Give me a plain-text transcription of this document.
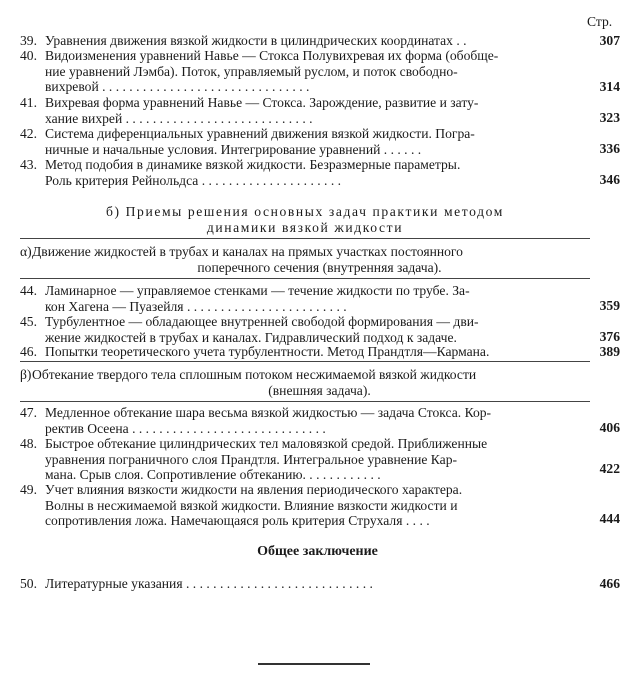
Стр.
39. Уравнения движения вязкой жидкости в цилиндрических координатах . .	307
40. Видоизменения уравнений Навье — Стокса Полувихревая их форма (обобще-
ние уравнений Лэмба). Поток, управляемый руслом, и поток свободно-
вихревой . . . . . . . . . . . . . . . . . . . . . . . . . . . . . . .	314
41. Вихревая форма уравнений Навье — Стокса. Зарождение, развитие и зату-
хание вихрей . . . . . . . . . . . . . . . . . . . . . . . . . . . .	323
42. Система диференциальных уравнений движения вязкой жидкости. Погра-
ничные и начальные условия. Интегрирование уравнений . . . . . .	336
43. Метод подобия в динамике вязкой жидкости. Безразмерные параметры.
Роль критерия Рейнольдса . . . . . . . . . . . . . . . . . . . . .	346
б) Приемы решения основных задач практики методом
динамики вязкой жидкости
α) Движение жидкостей в трубах и каналах на прямых участках постоянного
поперечного сечения (внутренняя задача).
44. Ламинарное — управляемое стенками — течение жидкости по трубе. За-
кон Хагена — Пуазейля . . . . . . . . . . . . . . . . . . . . . . . .	359
45. Турбулентное — обладающее внутренней свободой формирования — дви-
жение жидкостей в трубах и каналах. Гидравлический подход к задаче.	376
46. Попытки теоретического учета турбулентности. Метод Прандтля—Кармана.	389
β) Обтекание твердого тела сплошным потоком несжимаемой вязкой жидкости
(внешняя задача).
47. Медленное обтекание шара весьма вязкой жидкостью — задача Стокса. Кор-
ректив Осеена . . . . . . . . . . . . . . . . . . . . . . . . . . . . .	406
48. Быстрое обтекание цилиндрических тел маловязкой средой. Приближенные
уравнения пограничного слоя Прандтля. Интегральное уравнение Кар-
мана. Срыв слоя. Сопротивление обтеканию. . . . . . . . . . . .	422
49. Учет влияния вязкости жидкости на явления периодического характера.
Волны в несжимаемой вязкой жидкости. Влияние вязкости жидкости и
сопротивления ложа. Намечающаяся роль критерия Струхаля . . . .	444
Общее заключение
50. Литературные указания . . . . . . . . . . . . . . . . . . . . . . . . . . . .	466
